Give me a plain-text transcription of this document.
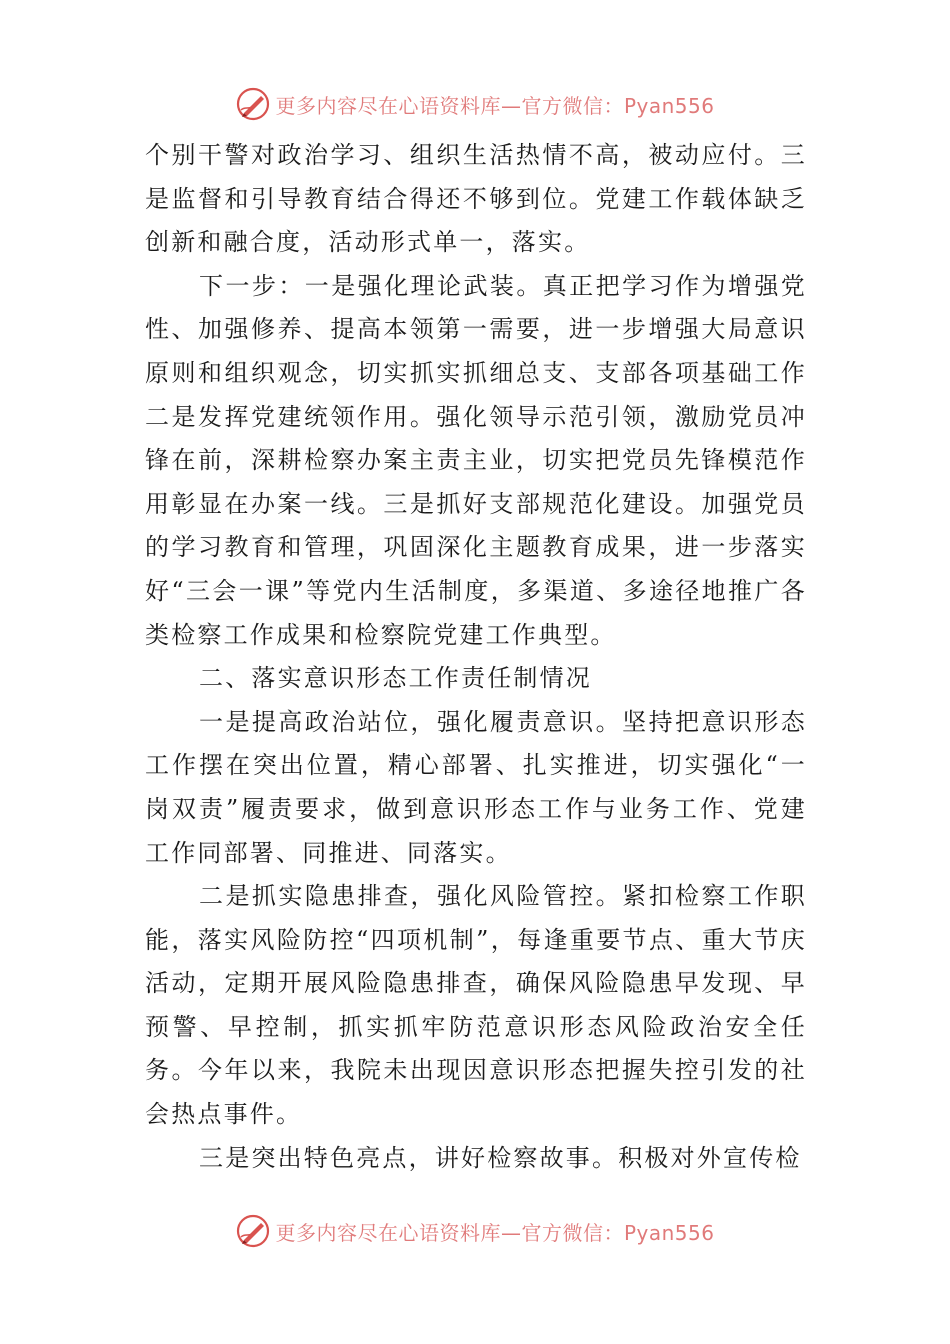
更多内容尽在心语资料库—官方微信：Pyan556

个别干警对政治学习、组织生活热情不高，被动应付。三是监督和引导教育结合得还不够到位。党建工作载体缺乏创新和融合度，活动形式单一，落实。

下一步：一是强化理论武装。真正把学习作为增强党性、加强修养、提高本领第一需要，进一步增强大局意识原则和组织观念，切实抓实抓细总支、支部各项基础工作二是发挥党建统领作用。强化领导示范引领，激励党员冲锋在前，深耕检察办案主责主业，切实把党员先锋模范作用彰显在办案一线。三是抓好支部规范化建设。加强党员的学习教育和管理，巩固深化主题教育成果，进一步落实好“三会一课”等党内生活制度，多渠道、多途径地推广各类检察工作成果和检察院党建工作典型。

二、落实意识形态工作责任制情况

一是提高政治站位，强化履责意识。坚持把意识形态工作摆在突出位置，精心部署、扎实推进，切实强化“一岗双责”履责要求，做到意识形态工作与业务工作、党建工作同部署、同推进、同落实。

二是抓实隐患排查，强化风险管控。紧扣检察工作职能，落实风险防控“四项机制”，每逢重要节点、重大节庆活动，定期开展风险隐患排查，确保风险隐患早发现、早预警、早控制，抓实抓牢防范意识形态风险政治安全任务。今年以来，我院未出现因意识形态把握失控引发的社会热点事件。

三是突出特色亮点，讲好检察故事。积极对外宣传检

更多内容尽在心语资料库—官方微信：Pyan556
